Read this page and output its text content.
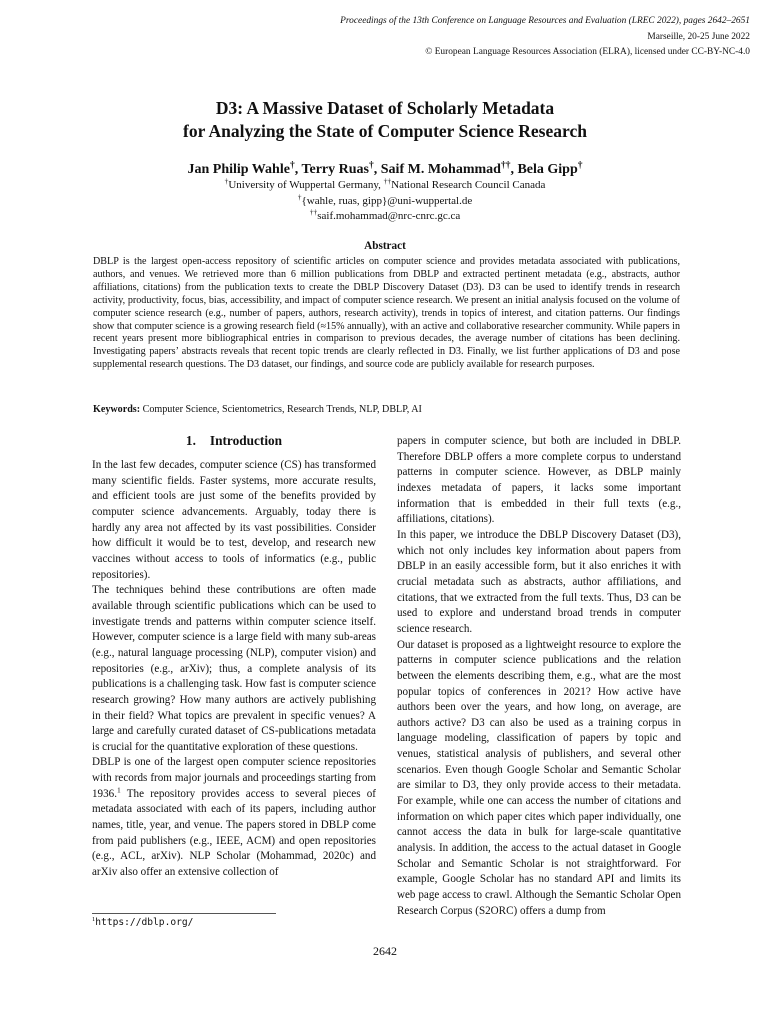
Proceedings of the 13th Conference on Language Resources and Evaluation (LREC 2022), pages 2642–2651
Marseille, 20-25 June 2022
© European Language Resources Association (ELRA), licensed under CC-BY-NC-4.0
D3: A Massive Dataset of Scholarly Metadata
for Analyzing the State of Computer Science Research
Jan Philip Wahle†, Terry Ruas†, Saif M. Mohammad††, Bela Gipp†
†University of Wuppertal Germany, ††National Research Council Canada
†{wahle, ruas, gipp}@uni-wuppertal.de
††saif.mohammad@nrc-cnrc.gc.ca
Abstract
DBLP is the largest open-access repository of scientific articles on computer science and provides metadata associated with publications, authors, and venues. We retrieved more than 6 million publications from DBLP and extracted pertinent metadata (e.g., abstracts, author affiliations, citations) from the publication texts to create the DBLP Discovery Dataset (D3). D3 can be used to identify trends in research activity, productivity, focus, bias, accessibility, and impact of computer science research. We present an initial analysis focused on the volume of computer science research (e.g., number of papers, authors, research activity), trends in topics of interest, and citation patterns. Our findings show that computer science is a growing research field (≈15% annually), with an active and collaborative researcher community. While papers in recent years present more bibliographical entries in comparison to previous decades, the average number of citations has been declining. Investigating papers’ abstracts reveals that recent topic trends are clearly reflected in D3. Finally, we list further applications of D3 and pose supplemental research questions. The D3 dataset, our findings, and source code are publicly available for research purposes.
Keywords: Computer Science, Scientometrics, Research Trends, NLP, DBLP, AI
1. Introduction

In the last few decades, computer science (CS) has transformed many scientific fields. Faster systems, more accurate results, and efficient tools are just some of the benefits provided by computer science advancements. Arguably, today there is hardly any area not affected by its vast possibilities. Consider how difficult it would be to test, develop, and research new vaccines without access to tools of informatics (e.g., public repositories).

The techniques behind these contributions are often made available through scientific publications which can be used to investigate trends and patterns within computer science itself. However, computer science is a large field with many sub-areas (e.g., natural language processing (NLP), computer vision) and repositories (e.g., arXiv); thus, a complete analysis of its publications is a challenging task. How fast is computer science research growing? How many authors are actively publishing in their field? What topics are prevalent in specific venues? A large and carefully curated dataset of CS-publications metadata is crucial for the quantitative exploration of these questions.

DBLP is one of the largest open computer science repositories with records from major journals and proceedings starting from 1936.$^1$ The repository provides access to several pieces of metadata associated with each of its papers, including author names, title, year, and venue. The papers stored in DBLP come from paid publishers (e.g., IEEE, ACM) and open repositories (e.g., ACL, arXiv). NLP Scholar (Mohammad, 2020c) and arXiv also offer an extensive collection of

papers in computer science, but both are included in DBLP. Therefore DBLP offers a more complete corpus to understand patterns in computer science. However, as DBLP mainly indexes metadata of papers, it lacks some important information that is embedded in their full texts (e.g., affiliations, citations).

In this paper, we introduce the DBLP Discovery Dataset (D3), which not only includes key information about papers from DBLP in an easily accessible form, but it also enriches it with crucial metadata such as abstracts, author affiliations, and citations, that we extracted from the full texts. Thus, D3 can be used to explore and understand broad trends in computer science research.

Our dataset is proposed as a lightweight resource to explore the patterns in computer science publications and the relation between the elements describing them, e.g., what are the most popular topics of conferences in 2021? How active have authors been over the years, and how long, on average, are authors active? D3 can also be used as a training corpus in language modeling, classification of papers by topic and venues, statistical analysis of publishers, and several other scenarios. Even though Google Scholar and Semantic Scholar are similar to D3, they only provide access to their metadata. For example, while one can access the number of citations and information on which paper cites which paper individually, one cannot access the data in bulk for large-scale quantitative analysis. In addition, the access to the actual dataset in Google Scholar and Semantic Scholar is not straightforward. For example, Google Scholar has no standard API and limits its web page access to crawl. Although the Semantic Scholar Open Research Corpus (S2ORC) offers a dump from

$^1$https://dblp.org/
2642
